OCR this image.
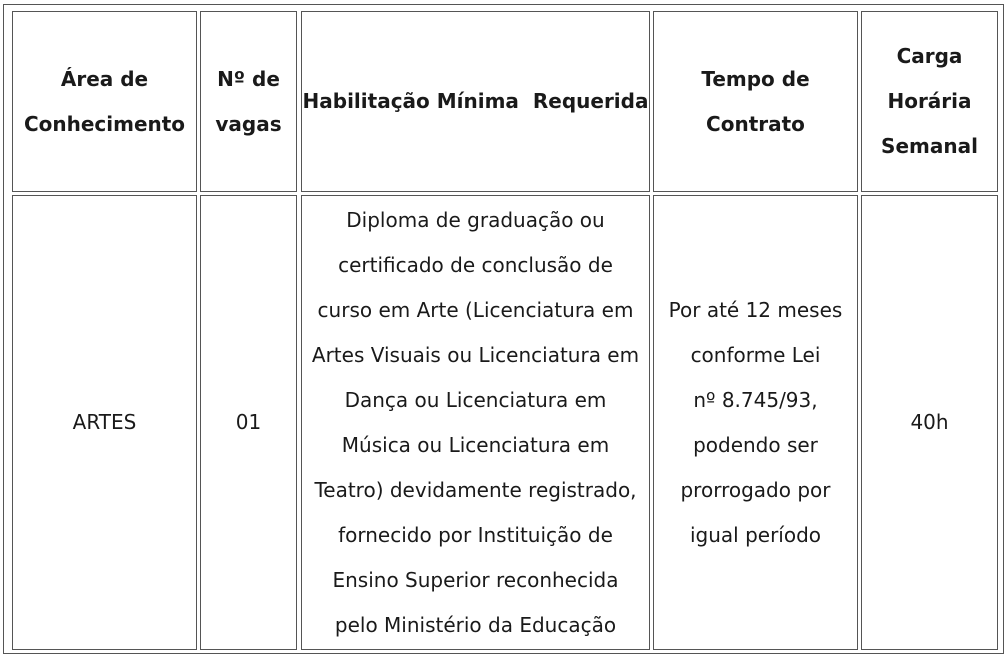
Área de
Conhecimento
Nº de
vagas
Habilitação Mínima  Requerida
Tempo de
Contrato
Carga
Horária
Semanal
ARTES	01
Diploma de graduação ou
certificado de conclusão de
curso em Arte (Licenciatura em
Artes Visuais ou Licenciatura em
Dança ou Licenciatura em
Música ou Licenciatura em
Teatro) devidamente registrado,
fornecido por Instituição de
Ensino Superior reconhecida
pelo Ministério da Educação
Por até 12 meses
conforme Lei
nº 8.745/93,
podendo ser
prorrogado por
igual período
40h
